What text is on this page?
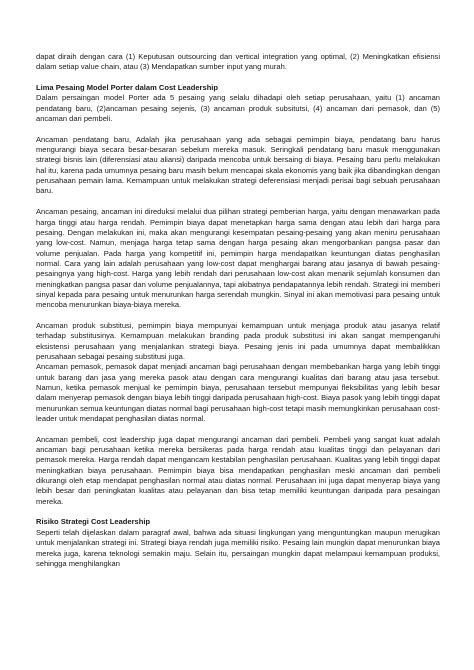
dapat diraih dengan cara (1) Keputusan outsourcing dan vertical integration yang optimal, (2) Meningkatkan efisiensi dalam setiap value chain, atau (3) Mendapatkan sumber input yang murah.

Lima Pesaing Model Porter dalam Cost Leadership

Dalam persaingan model Porter ada 5 pesaing yang selalu dihadapi oleh setiap perusahaan, yaitu (1) ancaman pendatang baru, (2)ancaman pesaing sejenis, (3) ancaman produk subsitutsi, (4) ancaman dari pemasok, dan (5) ancaman dari pembeli.

Ancaman pendatang baru, Adalah jika perusahaan yang ada sebagai pemimpin biaya, pendatang baru harus mengurangi biaya secara besar-besaran sebelum mereka masuk. Seringkali pendatang baru masuk menggunakan strategi bisnis lain (diferensiasi atau aliansi) daripada mencoba untuk bersaing di biaya. Pesaing baru perlu melakukan hal itu, karena pada umumnya pesaing baru masih belum mencapai skala ekonomis yang baik jika dibandingkan dengan perusahaan pemain lama. Kemampuan untuk melakukan strategi deferensiasi menjadi perisai bagi sebuah perusahaan baru.

Ancaman pesaing, ancaman ini direduksi melalui dua pilihan strategi pemberian harga, yaitu dengan menawarkan pada harga tinggi atau harga rendah. Pemimpin biaya dapat menetapkan harga sama dengan atau lebih dari harga para pesaing. Dengan melakukan ini, maka akan mengurangi kesempatan pesaing-pesaing yang akan meniru perusahaan yang low-cost. Namun, menjaga harga tetap sama dengan harga pesaing akan mengorbankan pangsa pasar dan volume penjualan. Pada harga yang kompetitif ini, pemimpin harga mendapatkan keuntungan diatas penghasilan normal. Cara yang lain adalah perusahaan yang low-cost dapat menghargai barang atau jasanya di bawah pesaing-pesaingnya yang high-cost. Harga yang lebih rendah dari perusahaan low-cost akan menarik sejumlah konsumen dan meningkatkan pangsa pasar dan volume penjualannya, tapi akibatnya pendapatannya lebih rendah. Strategi ini memberi sinyal kepada para pesaing untuk menurunkan harga serendah mungkin. Sinyal ini akan memotivasi para pesaing untuk mencoba menurunkan biaya-biaya mereka.

Ancaman produk substitusi, pemimpin biaya mempunyai kemampuan untuk menjaga produk atau jasanya relatif terhadap substitusinya. Kemampuan melakukan branding pada produk substitusi ini akan sangat mempengaruhi eksistensi perusahaan yang menjalankan strategi biaya. Pesaing jenis ini pada umumnya dapat membalikkan perusahaan sebagai pesaing substitusi juga.

Ancaman pemasok, pemasok dapat menjadi ancaman bagi perusahaan dengan membebankan harga yang lebih tinggi untuk barang dan jasa yang mereka pasok atau dengan cara mengurangi kualitas dari barang atau jasa tersebut. Namun, ketika pemasok menjual ke pemimpin biaya, perusahaan tersebut mempunyai fleksibilitas yang lebih besar dalam menyerap pemasok dengan biaya lebih tinggi daripada perusahaan high-cost. Biaya pasok yang lebih tinggi dapat menurunkan semua keuntungan diatas normal bagi perusahaan high-cost tetapi masih memungkinkan perusahaan cost-leader untuk mendapat penghasilan diatas normal.

Ancaman pembeli, cost leadership juga dapat mengurangi ancaman dari pembeli. Pembeli yang sangat kuat adalah ancaman bagi perusahaan ketika mereka bersikeras pada harga rendah atau kualitas tinggi dan pelayanan dari pemasok mereka. Harga rendah dapat mengancam kestabilan penghasilan perusahaan. Kualitas yang lebih tinggi dapat meningkatkan biaya perusahaan. Pemimpin biaya bisa mendapatkan penghasilan meski ancaman dari pembeli dikurangi oleh etap mendapat penghasilan normal atau diatas normal. Perusahaan ini juga dapat menyerap biaya yang lebih besar dari peningkatan kualitas atau pelayanan dan bisa tetap memiliki keuntungan daripada para pesaingan mereka.

Risiko Strategi Cost Leadership

Seperti telah dijelaskan dalam paragraf awal, bahwa ada situasi lingkungan yang menguntungkan maupun merugikan untuk menjalankan strategi ini. Strategi biaya rendah juga memiliki risiko. Pesaing lain mungkin dapat menurunkan biaya mereka juga, karena teknologi semakin maju. Selain itu, persaingan mungkin dapat melampaui kemampuan produksi, sehingga menghilangkan
